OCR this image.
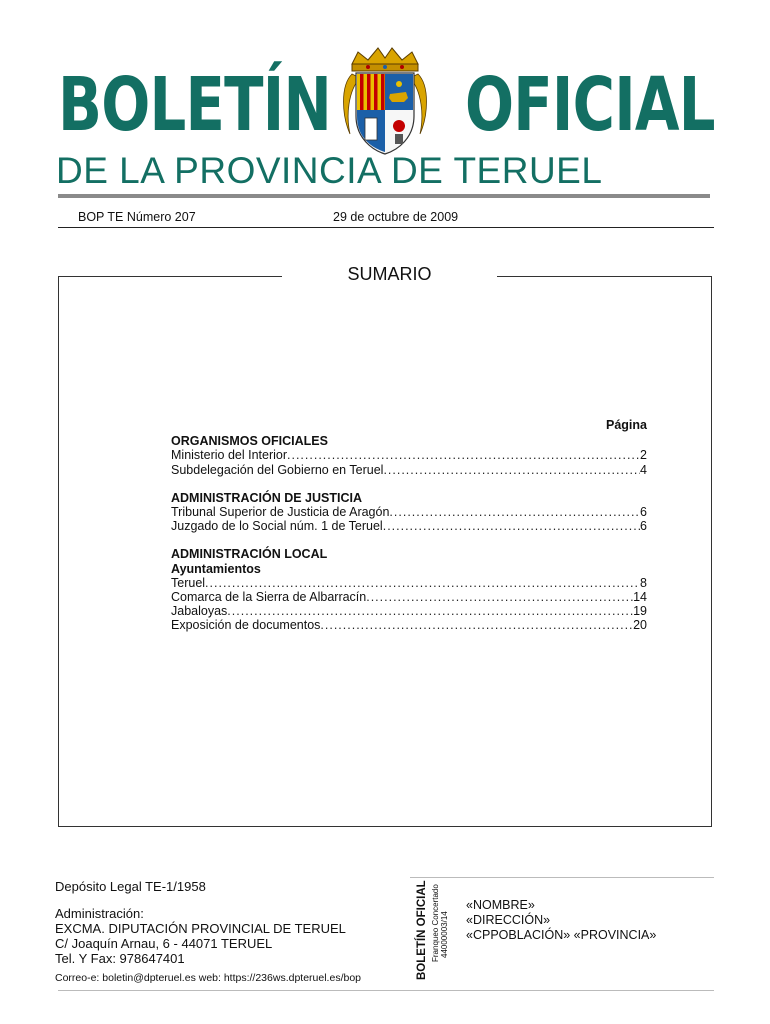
BOLETÍN OFICIAL
DE LA PROVINCIA DE TERUEL
BOP TE Número 207	29 de octubre de 2009
SUMARIO
Página
ORGANISMOS OFICIALES
Ministerio del Interior .....	2
Subdelegación del Gobierno en Teruel .....	4
ADMINISTRACIÓN DE JUSTICIA
Tribunal Superior de Justicia de Aragón .....	6
Juzgado de lo Social núm. 1 de Teruel .....	6
ADMINISTRACIÓN LOCAL
Ayuntamientos
Teruel .....	8
Comarca de la Sierra de Albarracín .....	14
Jabaloyas .....	19
Exposición de documentos .....	20
Depósito Legal TE-1/1958
Administración:
EXCMA. DIPUTACIÓN PROVINCIAL DE TERUEL
C/ Joaquín Arnau, 6 - 44071 TERUEL
Tel. Y Fax: 978647401
Correo-e: boletin@dpteruel.es web: https://236ws.dpteruel.es/bop	BOLETÍN OFICIAL Franqueo Concertado 44000003/14
«NOMBRE»
«DIRECCIÓN»
«CPPOBLACIÓN» «PROVINCIA»
